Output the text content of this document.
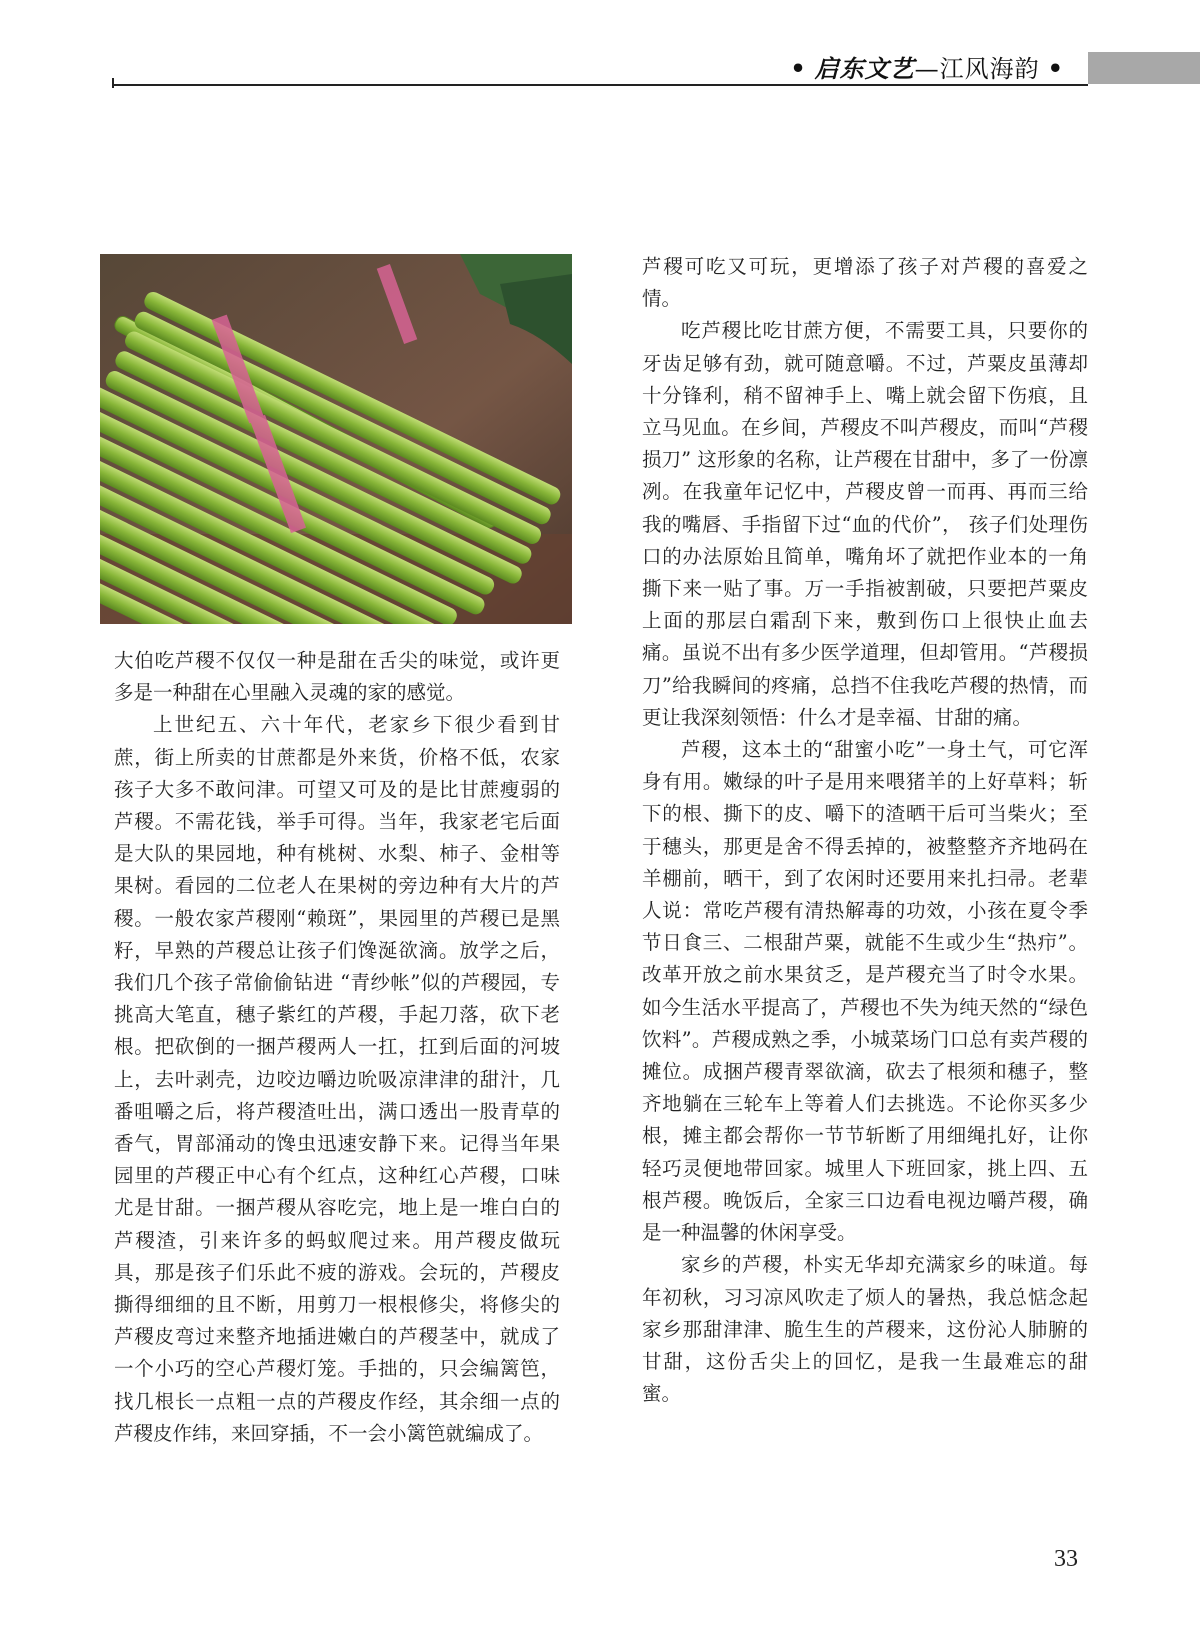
• 启东文艺—江风海韵 •

大伯吃芦稷不仅仅一种是甜在舌尖的味觉，或许更多是一种甜在心里融入灵魂的家的感觉。

上世纪五、六十年代，老家乡下很少看到甘蔗，街上所卖的甘蔗都是外来货，价格不低，农家孩子大多不敢问津。可望又可及的是比甘蔗瘦弱的芦稷。不需花钱，举手可得。当年，我家老宅后面是大队的果园地，种有桃树、水梨、柿子、金柑等果树。看园的二位老人在果树的旁边种有大片的芦稷。一般农家芦稷刚“赖斑”，果园里的芦稷已是黑籽，早熟的芦稷总让孩子们馋涎欲滴。放学之后，我们几个孩子常偷偷钻进 “青纱帐”似的芦稷园，专挑高大笔直，穗子紫红的芦稷，手起刀落，砍下老根。把砍倒的一捆芦稷两人一扛，扛到后面的河坡上，去叶剥壳，边咬边嚼边吮吸凉津津的甜汁，几番咀嚼之后，将芦稷渣吐出，满口透出一股青草的香气，胃部涌动的馋虫迅速安静下来。记得当年果园里的芦稷正中心有个红点，这种红心芦稷，口味尤是甘甜。一捆芦稷从容吃完，地上是一堆白白的芦稷渣，引来许多的蚂蚁爬过来。用芦稷皮做玩具，那是孩子们乐此不疲的游戏。会玩的，芦稷皮撕得细细的且不断，用剪刀一根根修尖，将修尖的芦稷皮弯过来整齐地插进嫩白的芦稷茎中，就成了一个小巧的空心芦稷灯笼。手拙的，只会编篱笆，找几根长一点粗一点的芦稷皮作经，其余细一点的芦稷皮作纬，来回穿插，不一会小篱笆就编成了。

芦稷可吃又可玩，更增添了孩子对芦稷的喜爱之情。

吃芦稷比吃甘蔗方便，不需要工具，只要你的牙齿足够有劲，就可随意嚼。不过，芦粟皮虽薄却十分锋利，稍不留神手上、嘴上就会留下伤痕，且立马见血。在乡间，芦稷皮不叫芦稷皮，而叫“芦稷损刀” 这形象的名称，让芦稷在甘甜中，多了一份凛冽。在我童年记忆中，芦稷皮曾一而再、再而三给我的嘴唇、手指留下过“血的代价”， 孩子们处理伤口的办法原始且简单，嘴角坏了就把作业本的一角撕下来一贴了事。万一手指被割破，只要把芦粟皮上面的那层白霜刮下来，敷到伤口上很快止血去痛。虽说不出有多少医学道理，但却管用。“芦稷损刀”给我瞬间的疼痛，总挡不住我吃芦稷的热情，而更让我深刻领悟：什么才是幸福、甘甜的痛。

芦稷，这本土的“甜蜜小吃”一身土气，可它浑身有用。嫩绿的叶子是用来喂猪羊的上好草料；斩下的根、撕下的皮、嚼下的渣晒干后可当柴火；至于穗头，那更是舍不得丢掉的，被整整齐齐地码在羊棚前，晒干，到了农闲时还要用来扎扫帚。老辈人说：常吃芦稷有清热解毒的功效，小孩在夏令季节日食三、二根甜芦粟，就能不生或少生“热疖”。改革开放之前水果贫乏，是芦稷充当了时令水果。如今生活水平提高了，芦稷也不失为纯天然的“绿色饮料”。芦稷成熟之季，小城菜场门口总有卖芦稷的摊位。成捆芦稷青翠欲滴，砍去了根须和穗子，整齐地躺在三轮车上等着人们去挑选。不论你买多少根，摊主都会帮你一节节斩断了用细绳扎好，让你轻巧灵便地带回家。城里人下班回家，挑上四、五根芦稷。晚饭后，全家三口边看电视边嚼芦稷，确是一种温馨的休闲享受。

家乡的芦稷，朴实无华却充满家乡的味道。每年初秋，习习凉风吹走了烦人的暑热，我总惦念起家乡那甜津津、脆生生的芦稷来，这份沁人肺腑的甘甜，这份舌尖上的回忆，是我一生最难忘的甜蜜。

33
